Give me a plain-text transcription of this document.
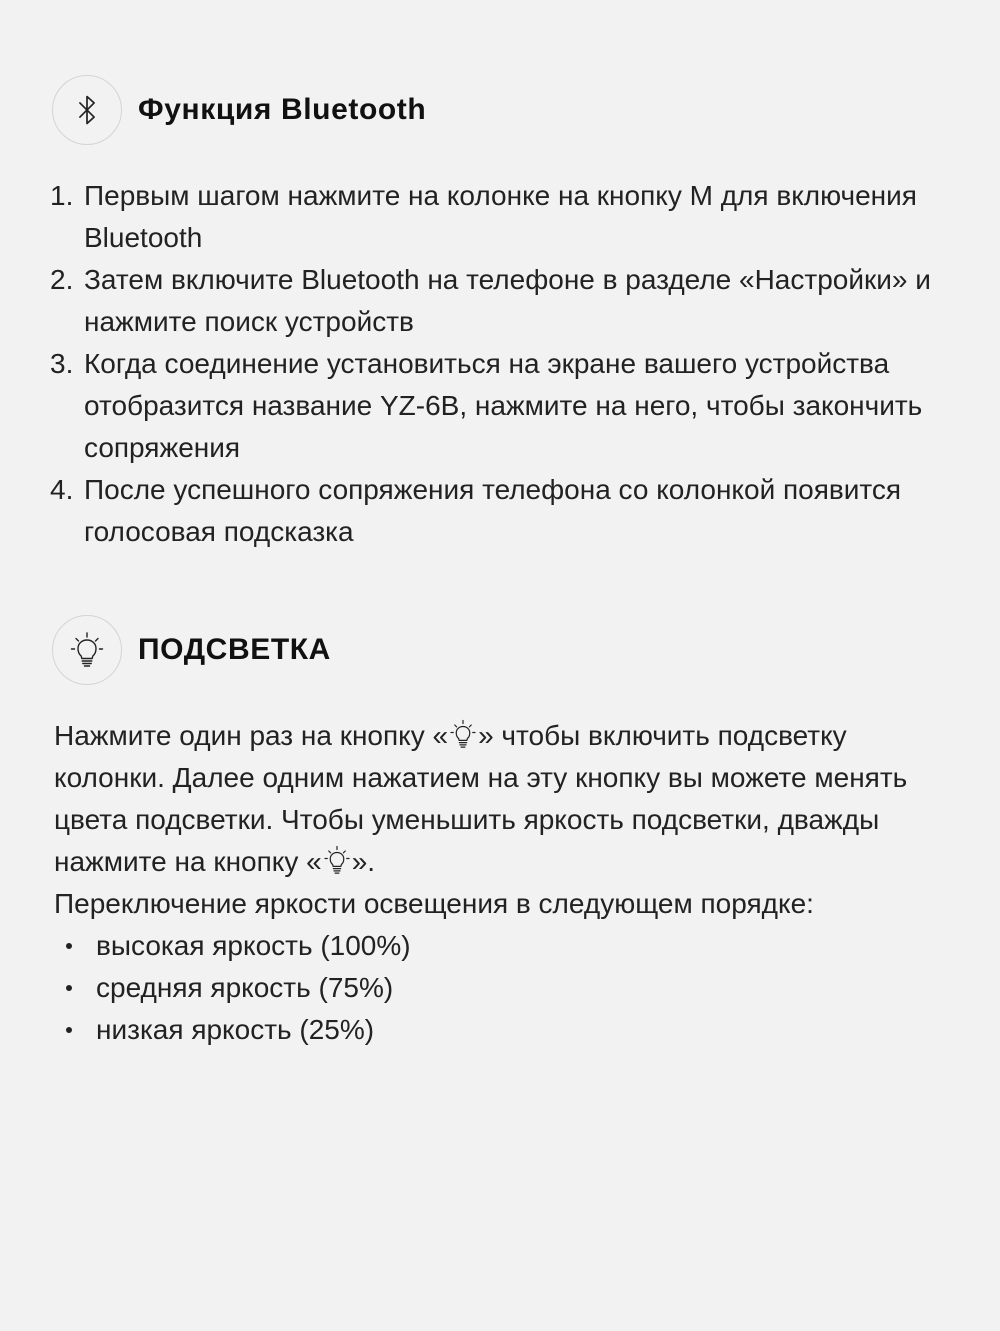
Функция Bluetooth
1. Первым шагом нажмите на колонке на кнопку M для включения Bluetooth
2. Затем включите Bluetooth на телефоне в разделе «Настройки» и нажмите поиск устройств
3. Когда соединение установиться на экране вашего устройства отобразится название YZ-6B, нажмите на него, чтобы закончить сопряжения
4. После успешного сопряжения телефона со колонкой появится голосовая подсказка
ПОДСВЕТКА
Нажмите один раз на кнопку « » чтобы включить подсветку колонки. Далее одним нажатием на эту кнопку вы можете менять цвета подсветки. Чтобы уменьшить яркость подсветки, дважды нажмите на кнопку « ».
Переключение яркости освещения в следующем порядке:
высокая яркость (100%)
средняя яркость (75%)
низкая яркость (25%)
